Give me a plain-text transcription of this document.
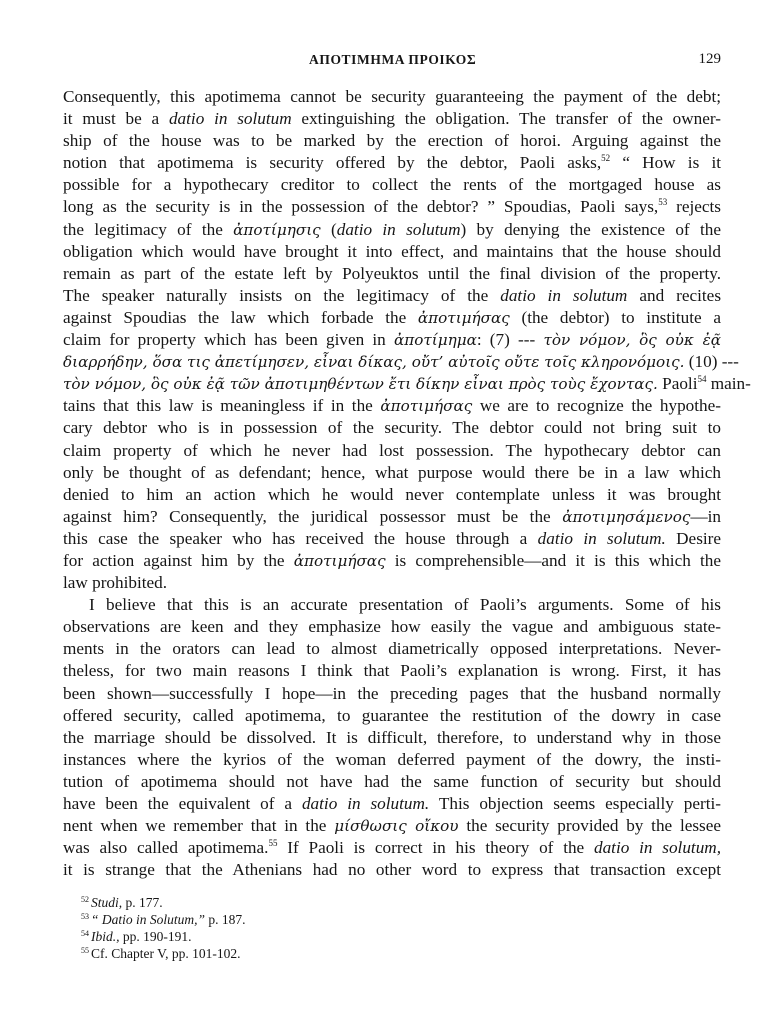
ΑΠΟΤΙΜΗΜΑ ΠΡΟΙΚΟΣ	129
Consequently, this apotimema cannot be security guaranteeing the payment of the debt;
it must be a datio in solutum extinguishing the obligation. The transfer of the owner-
ship of the house was to be marked by the erection of horoi. Arguing against the
notion that apotimema is security offered by the debtor, Paoli asks,$^{52}$ “ How is it
possible for a hypothecary creditor to collect the rents of the mortgaged house as
long as the security is in the possession of the debtor? ” Spoudias, Paoli says,$^{53}$ rejects
the legitimacy of the ἀποτίμησις (datio in solutum) by denying the existence of the
obligation which would have brought it into effect, and maintains that the house should
remain as part of the estate left by Polyeuktos until the final division of the property.
The speaker naturally insists on the legitimacy of the datio in solutum and recites
against Spoudias the law which forbade the ἀποτιμήσας (the debtor) to institute a
claim for property which has been given in ἀποτίμημα: (7) --- τὸν νόμον, ὃς οὐκ ἐᾷ
διαρρήδην, ὅσα τις ἀπετίμησεν, εἶναι δίκας, οὔτ’ αὐτοῖς οὔτε τοῖς κληρονόμοις. (10) ---
τὸν νόμον, ὃς οὐκ ἐᾷ τῶν ἀποτιμηθέντων ἔτι δίκην εἶναι πρὸς τοὺς ἔχοντας. Paoli$^{54}$ main-
tains that this law is meaningless if in the ἀποτιμήσας we are to recognize the hypothe-
cary debtor who is in possession of the security. The debtor could not bring suit to
claim property of which he never had lost possession. The hypothecary debtor can
only be thought of as defendant; hence, what purpose would there be in a law which
denied to him an action which he would never contemplate unless it was brought
against him? Consequently, the juridical possessor must be the ἀποτιμησάμενος—in
this case the speaker who has received the house through a datio in solutum. Desire
for action against him by the ἀποτιμήσας is comprehensible—and it is this which the
law prohibited.
I believe that this is an accurate presentation of Paoli’s arguments. Some of his
observations are keen and they emphasize how easily the vague and ambiguous state-
ments in the orators can lead to almost diametrically opposed interpretations. Never-
theless, for two main reasons I think that Paoli’s explanation is wrong. First, it has
been shown—successfully I hope—in the preceding pages that the husband normally
offered security, called apotimema, to guarantee the restitution of the dowry in case
the marriage should be dissolved. It is difficult, therefore, to understand why in those
instances where the kyrios of the woman deferred payment of the dowry, the insti-
tution of apotimema should not have had the same function of security but should
have been the equivalent of a datio in solutum. This objection seems especially perti-
nent when we remember that in the μίσθωσις οἴκου the security provided by the lessee
was also called apotimema.$^{55}$ If Paoli is correct in his theory of the datio in solutum,
it is strange that the Athenians had no other word to express that transaction except
$^{52}$ Studi, p. 177.
$^{53}$ “ Datio in Solutum,” p. 187.
$^{54}$ Ibid., pp. 190-191.
$^{55}$ Cf. Chapter V, pp. 101-102.
